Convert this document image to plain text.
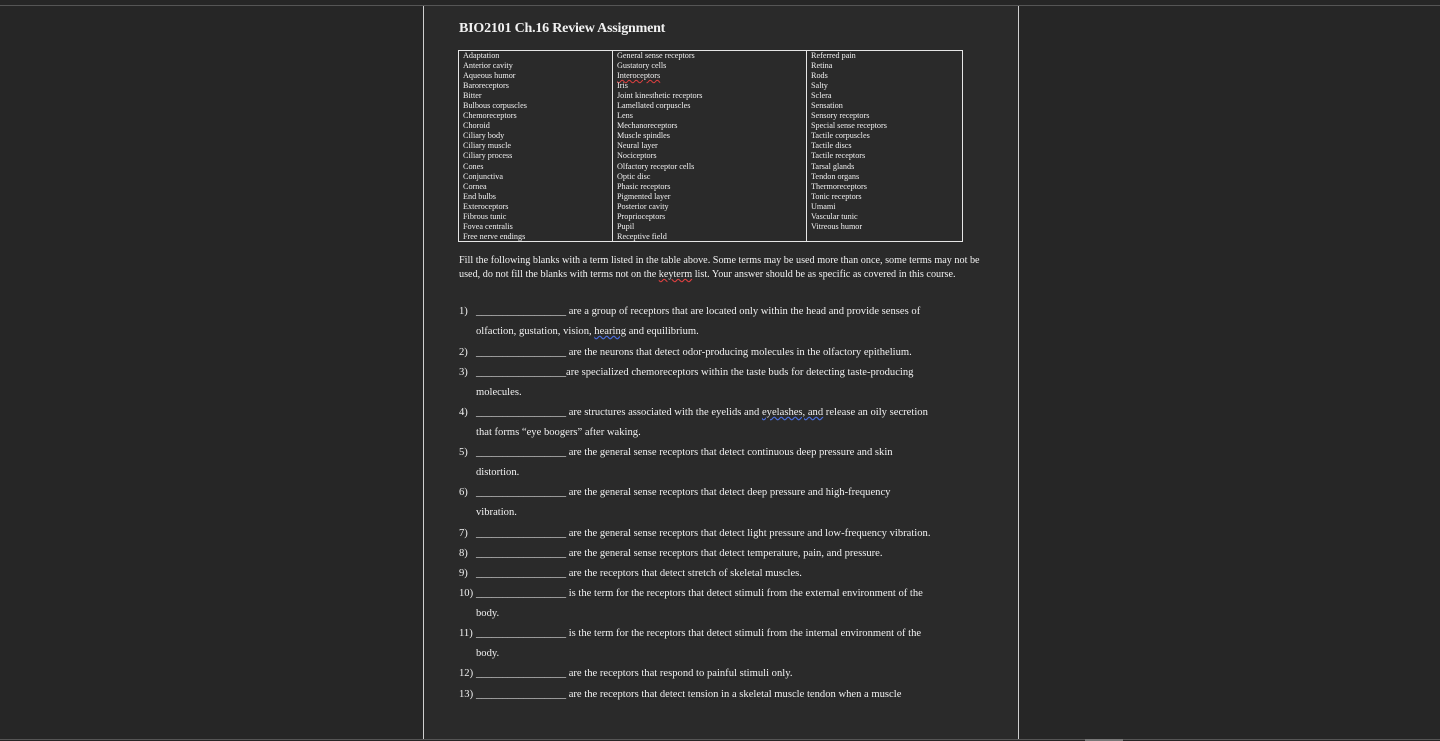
BIO2101 Ch.16 Review Assignment
Adaptation
Anterior cavity
Aqueous humor
Baroreceptors
Bitter
Bulbous corpuscles
Chemoreceptors
Choroid
Ciliary body
Ciliary muscle
Ciliary process
Cones
Conjunctiva
Cornea
End bulbs
Exteroceptors
Fibrous tunic
Fovea centralis
Free nerve endings
General sense receptors
Gustatory cells
Interoceptors
Iris
Joint kinesthetic receptors
Lamellated corpuscles
Lens
Mechanoreceptors
Muscle spindles
Neural layer
Nociceptors
Olfactory receptor cells
Optic disc
Phasic receptors
Pigmented layer
Posterior cavity
Proprioceptors
Pupil
Receptive field
Referred pain
Retina
Rods
Salty
Sclera
Sensation
Sensory receptors
Special sense receptors
Tactile corpuscles
Tactile discs
Tactile receptors
Tarsal glands
Tendon organs
Thermoreceptors
Tonic receptors
Umami
Vascular tunic
Vitreous humor
Fill the following blanks with a term listed in the table above. Some terms may be used more than once, some terms may not be used, do not fill the blanks with terms not on the keyterm list. Your answer should be as specific as covered in this course.
1) _________________ are a group of receptors that are located only within the head and provide senses of
olfaction, gustation, vision, hearing and equilibrium.
2) _________________ are the neurons that detect odor-producing molecules in the olfactory epithelium.
3) _________________are specialized chemoreceptors within the taste buds for detecting taste-producing
molecules.
4) _________________ are structures associated with the eyelids and eyelashes, and release an oily secretion
that forms “eye boogers” after waking.
5)_________________ are the general sense receptors that detect continuous deep pressure and skin
distortion.
6)_________________ are the general sense receptors that detect deep pressure and high-frequency
vibration.
7) _________________ are the general sense receptors that detect light pressure and low-frequency vibration.
8) _________________ are the general sense receptors that detect temperature, pain, and pressure.
9) _________________ are the receptors that detect stretch of skeletal muscles.
10) _________________ is the term for the receptors that detect stimuli from the external environment of the
body.
11) _________________ is the term for the receptors that detect stimuli from the internal environment of the
body.
12) _________________ are the receptors that respond to painful stimuli only.
13) _________________ are the receptors that detect tension in a skeletal muscle tendon when a muscle
